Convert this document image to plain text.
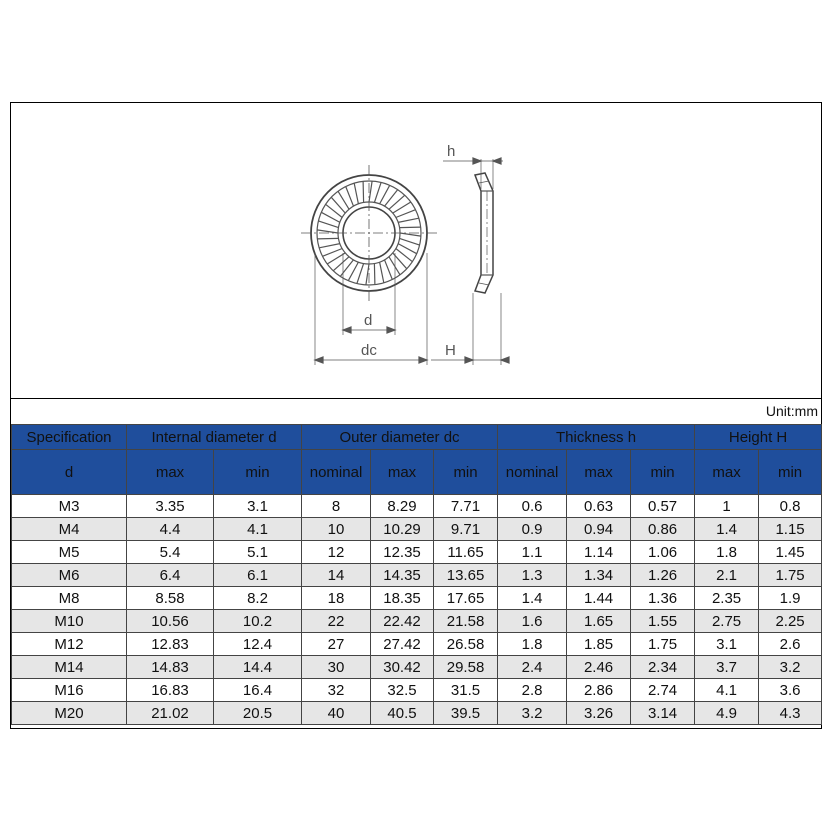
h
d
dc	H
Unit:mm
Specification	Internal diameter d		Outer diameter dc			Thickness h			Height H	
d	max	min	nominal	max	min	nominal	max	min	max	min
M3	3.35	3.1	8	8.29	7.71	0.6	0.63	0.57	1	0.8
M4	4.4	4.1	10	10.29	9.71	0.9	0.94	0.86	1.4	1.15
M5	5.4	5.1	12	12.35	11.65	1.1	1.14	1.06	1.8	1.45
M6	6.4	6.1	14	14.35	13.65	1.3	1.34	1.26	2.1	1.75
M8	8.58	8.2	18	18.35	17.65	1.4	1.44	1.36	2.35	1.9
M10	10.56	10.2	22	22.42	21.58	1.6	1.65	1.55	2.75	2.25
M12	12.83	12.4	27	27.42	26.58	1.8	1.85	1.75	3.1	2.6
M14	14.83	14.4	30	30.42	29.58	2.4	2.46	2.34	3.7	3.2
M16	16.83	16.4	32	32.5	31.5	2.8	2.86	2.74	4.1	3.6
M20	21.02	20.5	40	40.5	39.5	3.2	3.26	3.14	4.9	4.3
